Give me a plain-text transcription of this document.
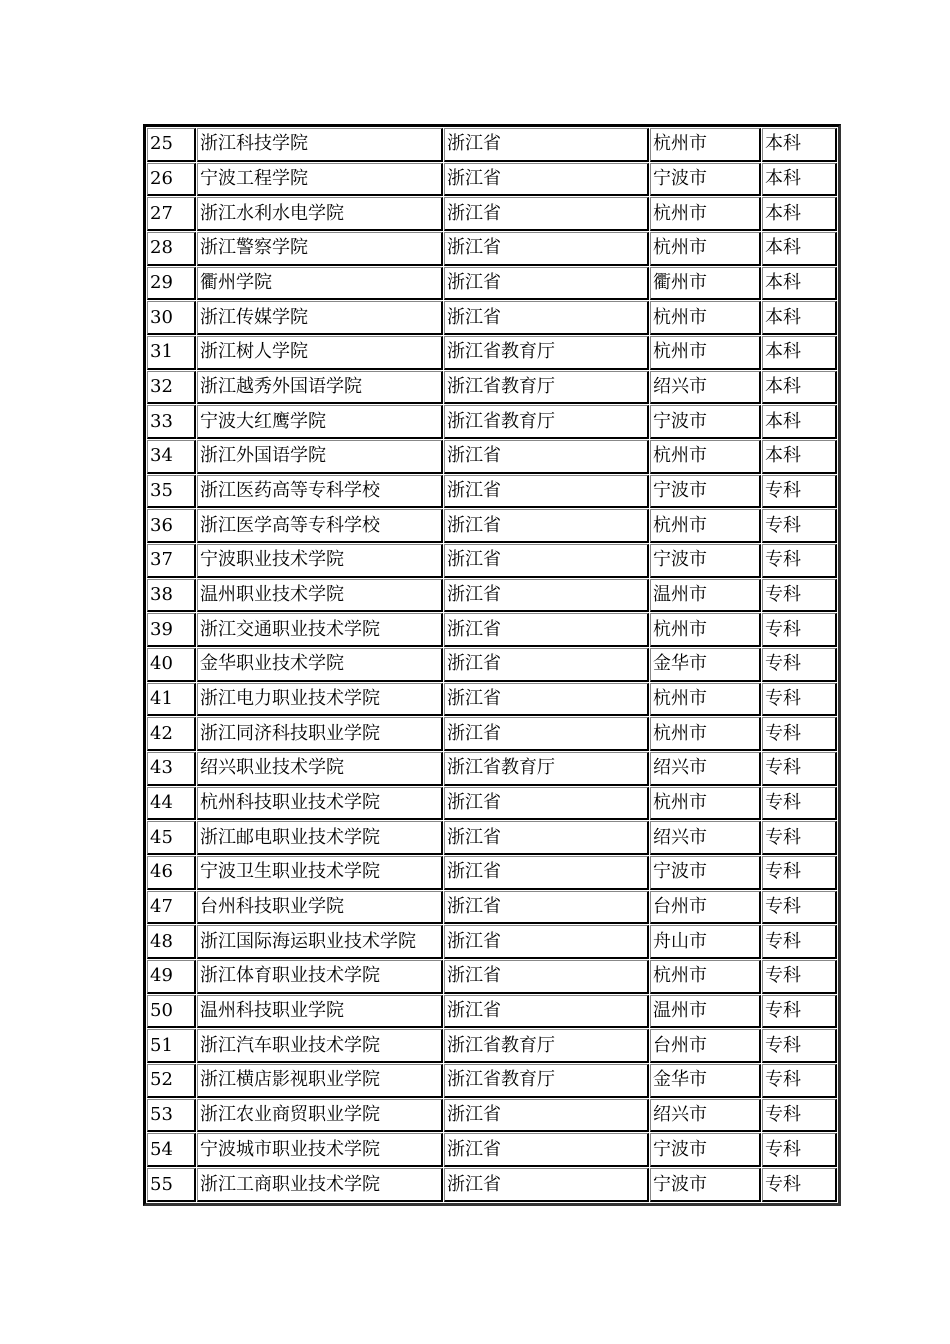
25	浙江科技学院	浙江省	杭州市	本科
26	宁波工程学院	浙江省	宁波市	本科
27	浙江水利水电学院	浙江省	杭州市	本科
28	浙江警察学院	浙江省	杭州市	本科
29	衢州学院	浙江省	衢州市	本科
30	浙江传媒学院	浙江省	杭州市	本科
31	浙江树人学院	浙江省教育厅	杭州市	本科
32	浙江越秀外国语学院	浙江省教育厅	绍兴市	本科
33	宁波大红鹰学院	浙江省教育厅	宁波市	本科
34	浙江外国语学院	浙江省	杭州市	本科
35	浙江医药高等专科学校	浙江省	宁波市	专科
36	浙江医学高等专科学校	浙江省	杭州市	专科
37	宁波职业技术学院	浙江省	宁波市	专科
38	温州职业技术学院	浙江省	温州市	专科
39	浙江交通职业技术学院	浙江省	杭州市	专科
40	金华职业技术学院	浙江省	金华市	专科
41	浙江电力职业技术学院	浙江省	杭州市	专科
42	浙江同济科技职业学院	浙江省	杭州市	专科
43	绍兴职业技术学院	浙江省教育厅	绍兴市	专科
44	杭州科技职业技术学院	浙江省	杭州市	专科
45	浙江邮电职业技术学院	浙江省	绍兴市	专科
46	宁波卫生职业技术学院	浙江省	宁波市	专科
47	台州科技职业学院	浙江省	台州市	专科
48	浙江国际海运职业技术学院	浙江省	舟山市	专科
49	浙江体育职业技术学院	浙江省	杭州市	专科
50	温州科技职业学院	浙江省	温州市	专科
51	浙江汽车职业技术学院	浙江省教育厅	台州市	专科
52	浙江横店影视职业学院	浙江省教育厅	金华市	专科
53	浙江农业商贸职业学院	浙江省	绍兴市	专科
54	宁波城市职业技术学院	浙江省	宁波市	专科
55	浙江工商职业技术学院	浙江省	宁波市	专科
